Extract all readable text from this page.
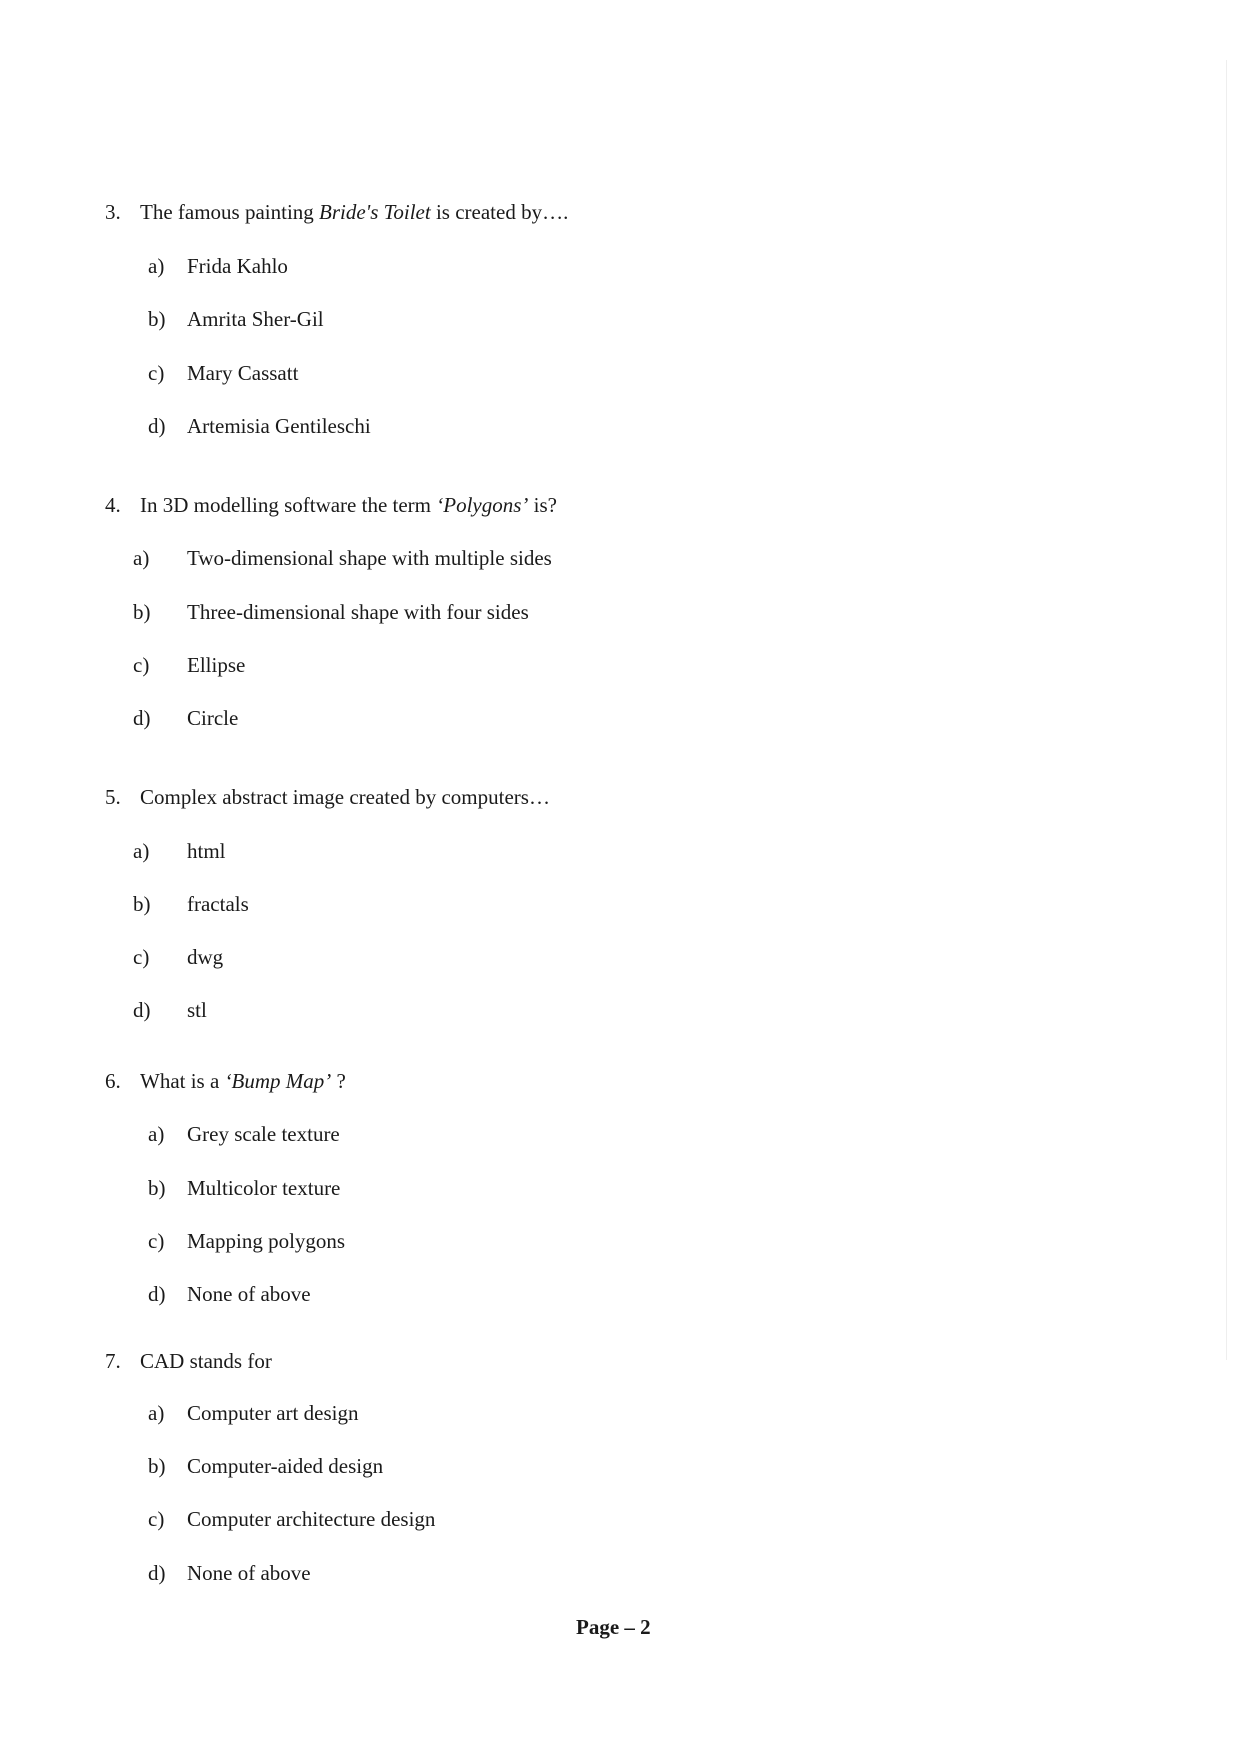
3. The famous painting Bride's Toilet is created by….
a) Frida Kahlo
b) Amrita Sher-Gil
c) Mary Cassatt
d) Artemisia Gentileschi
4. In 3D modelling software the term ‘Polygons’ is?
a) Two-dimensional shape with multiple sides
b) Three-dimensional shape with four sides
c) Ellipse
d) Circle
5. Complex abstract image created by computers…
a) html
b) fractals
c) dwg
d) stl
6. What is a ‘Bump Map’ ?
a) Grey scale texture
b) Multicolor texture
c) Mapping polygons
d) None of above
7. CAD stands for
a) Computer art design
b) Computer-aided design
c) Computer architecture design
d) None of above
Page – 2
